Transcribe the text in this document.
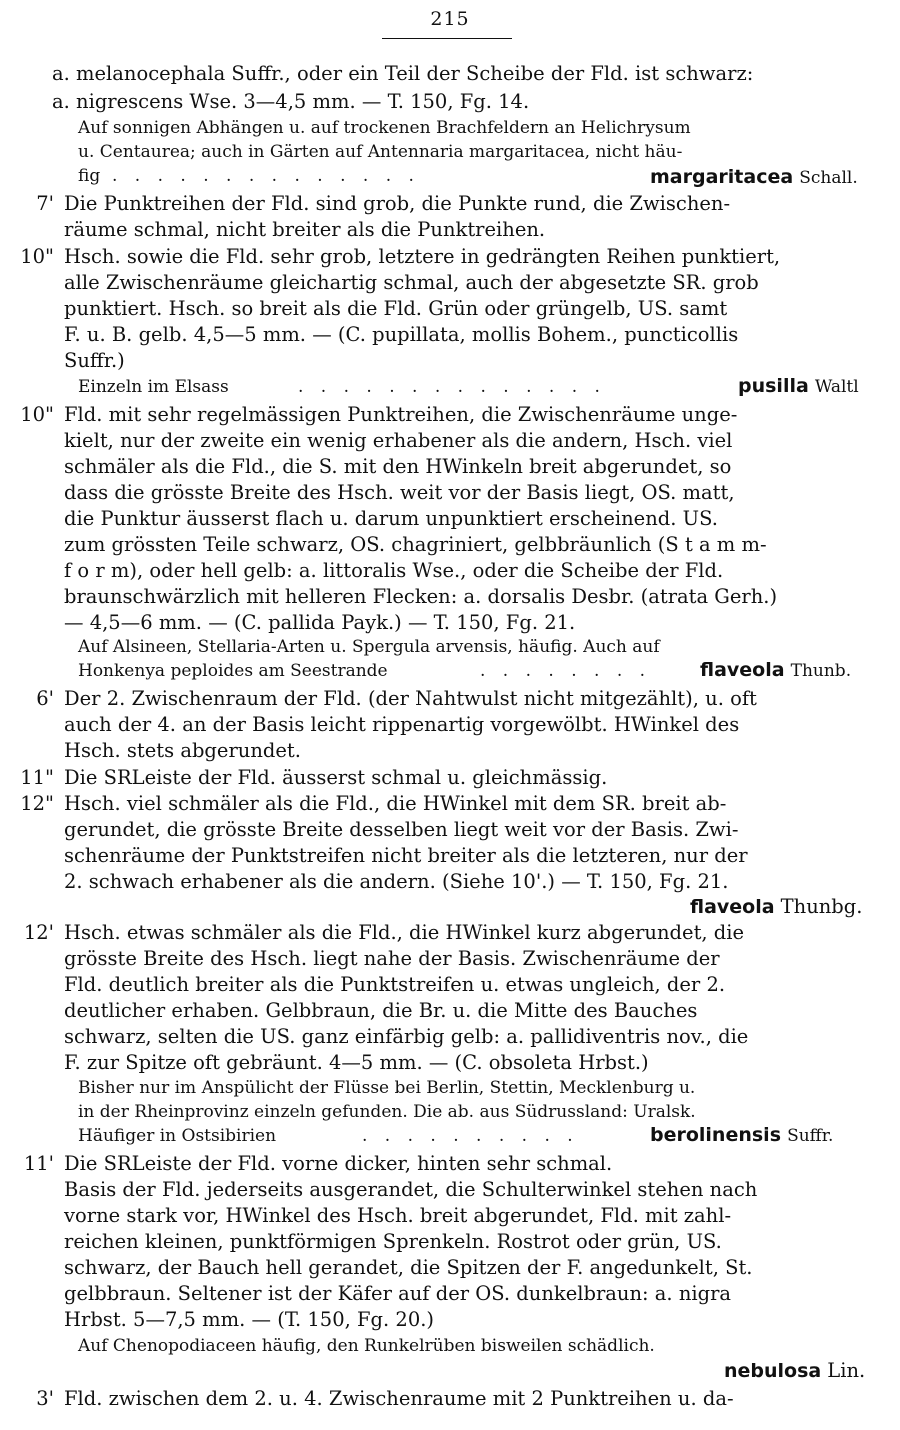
215
a. melanocephala Suffr., oder ein Teil der Scheibe der Fld. ist schwarz:
a. nigrescens Wse. 3—4,5 mm. — T. 150, Fg. 14.
Auf sonnigen Abhängen u. auf trockenen Brachfeldern an Helichrysum
u. Centaurea; auch in Gärten auf Antennaria margaritacea, nicht häu-
fig . . . . . . . . . . . . . .	margaritacea Schall.
7' Die Punktreihen der Fld. sind grob, die Punkte rund, die Zwischen-
räume schmal, nicht breiter als die Punktreihen.
10" Hsch. sowie die Fld. sehr grob, letztere in gedrängten Reihen punktiert,
alle Zwischenräume gleichartig schmal, auch der abgesetzte SR. grob
punktiert. Hsch. so breit als die Fld. Grün oder grüngelb, US. samt
F. u. B. gelb. 4,5—5 mm. — (C. pupillata, mollis Bohem., puncticollis
Suffr.)
Einzeln im Elsass	. . . . . . . . . . . . . .	pusilla Waltl
10" Fld. mit sehr regelmässigen Punktreihen, die Zwischenräume unge-
kielt, nur der zweite ein wenig erhabener als die andern, Hsch. viel
schmäler als die Fld., die S. mit den HWinkeln breit abgerundet, so
dass die grösste Breite des Hsch. weit vor der Basis liegt, OS. matt,
die Punktur äusserst flach u. darum unpunktiert erscheinend. US.
zum grössten Teile schwarz, OS. chagriniert, gelbbräunlich (S t a m m-
f o r m), oder hell gelb: a. littoralis Wse., oder die Scheibe der Fld.
braunschwärzlich mit helleren Flecken: a. dorsalis Desbr. (atrata Gerh.)
— 4,5—6 mm. — (C. pallida Payk.) — T. 150, Fg. 21.
Auf Alsineen, Stellaria-Arten u. Spergula arvensis, häufig. Auch auf
Honkenya peploides am Seestrande	. . . . . . . .	flaveola Thunb.
6' Der 2. Zwischenraum der Fld. (der Nahtwulst nicht mitgezählt), u. oft
auch der 4. an der Basis leicht rippenartig vorgewölbt. HWinkel des
Hsch. stets abgerundet.
11" Die SRLeiste der Fld. äusserst schmal u. gleichmässig.
12" Hsch. viel schmäler als die Fld., die HWinkel mit dem SR. breit ab-
gerundet, die grösste Breite desselben liegt weit vor der Basis. Zwi-
schenräume der Punktstreifen nicht breiter als die letzteren, nur der
2. schwach erhabener als die andern. (Siehe 10'.) — T. 150, Fg. 21.
flaveola Thunbg.
12' Hsch. etwas schmäler als die Fld., die HWinkel kurz abgerundet, die
grösste Breite des Hsch. liegt nahe der Basis. Zwischenräume der
Fld. deutlich breiter als die Punktstreifen u. etwas ungleich, der 2.
deutlicher erhaben. Gelbbraun, die Br. u. die Mitte des Bauches
schwarz, selten die US. ganz einfärbig gelb: a. pallidiventris nov., die
F. zur Spitze oft gebräunt. 4—5 mm. — (C. obsoleta Hrbst.)
Bisher nur im Anspülicht der Flüsse bei Berlin, Stettin, Mecklenburg u.
in der Rheinprovinz einzeln gefunden. Die ab. aus Südrussland: Uralsk.
Häufiger in Ostsibirien	. . . . . . . . . .	berolinensis Suffr.
11' Die SRLeiste der Fld. vorne dicker, hinten sehr schmal.
Basis der Fld. jederseits ausgerandet, die Schulterwinkel stehen nach
vorne stark vor, HWinkel des Hsch. breit abgerundet, Fld. mit zahl-
reichen kleinen, punktförmigen Sprenkeln. Rostrot oder grün, US.
schwarz, der Bauch hell gerandet, die Spitzen der F. angedunkelt, St.
gelbbraun. Seltener ist der Käfer auf der OS. dunkelbraun: a. nigra
Hrbst. 5—7,5 mm. — (T. 150, Fg. 20.)
Auf Chenopodiaceen häufig, den Runkelrüben bisweilen schädlich.
nebulosa Lin.
3' Fld. zwischen dem 2. u. 4. Zwischenraume mit 2 Punktreihen u. da-
